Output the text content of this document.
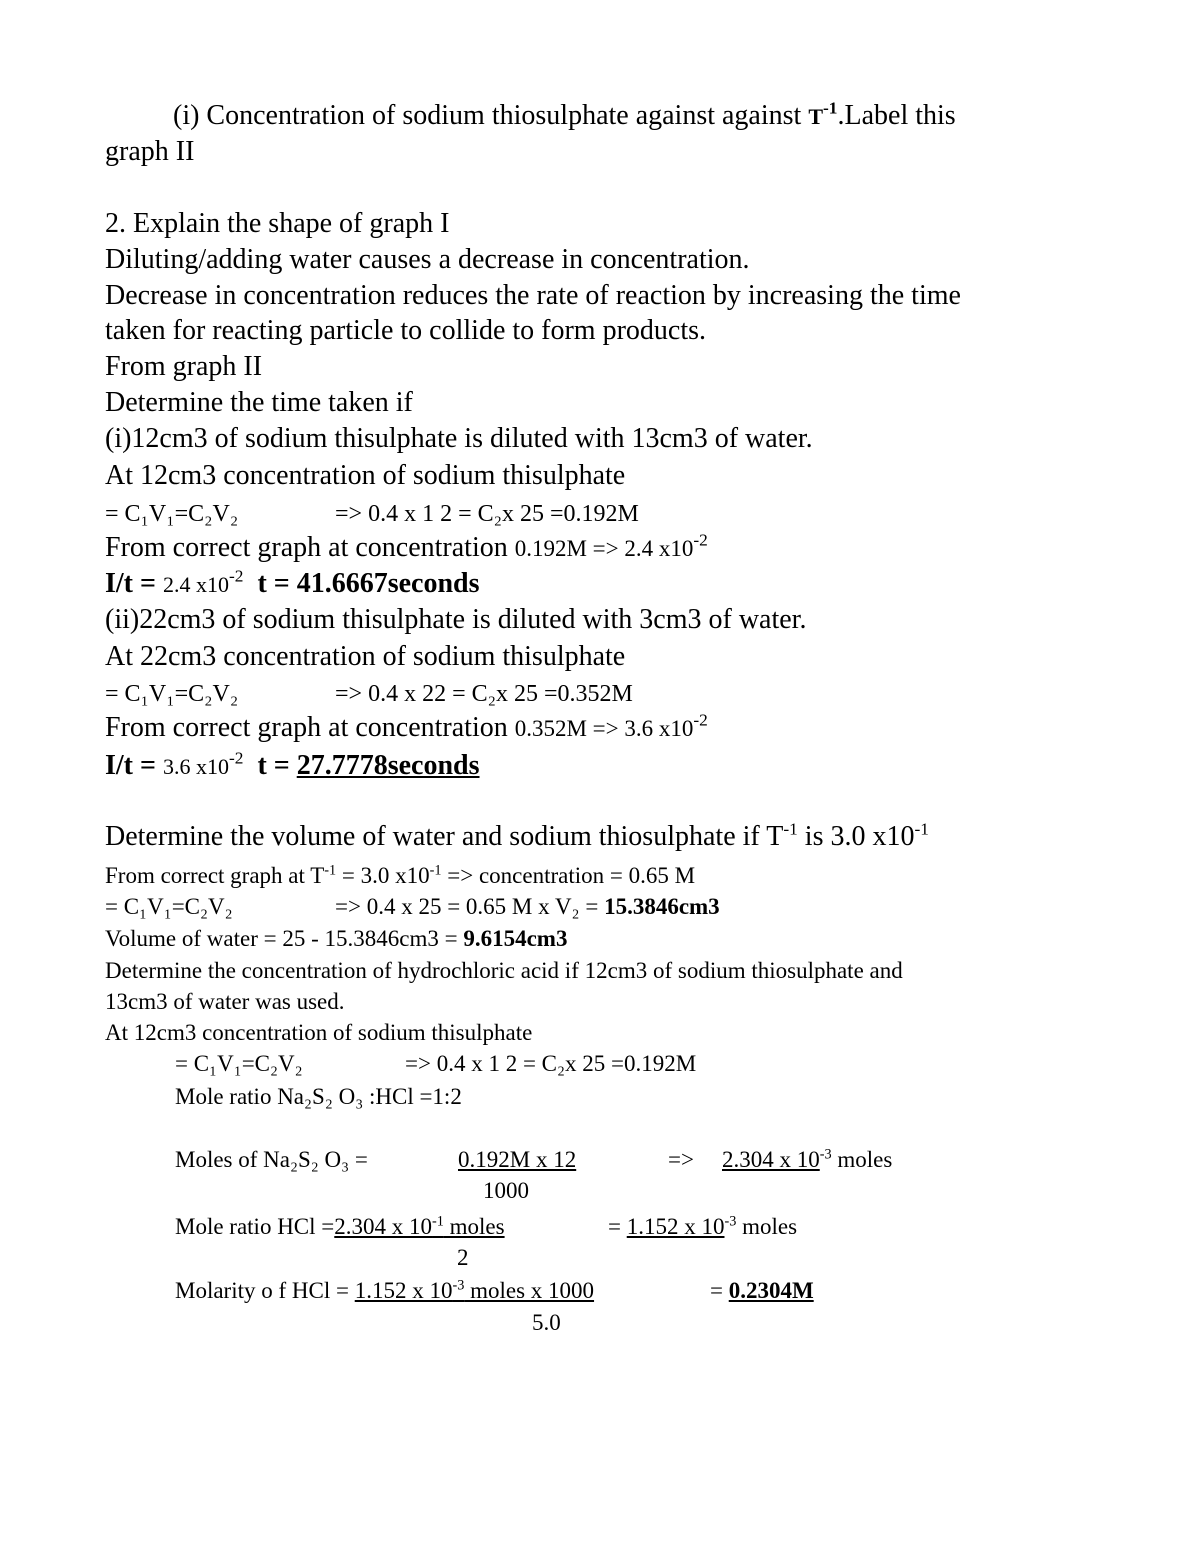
(i) Concentration of sodium thiosulphate against against $T^{-1}.Label$ this
graph II
2. Explain the shape of graph I
Diluting/adding water causes a decrease in concentration.
Decrease in concentration reduces the rate of reaction by increasing the time
taken for reacting particle to collide to form products.
From graph II
Determine the time taken if
(i)12cm3 of sodium thisulphate is diluted with 13cm3 of water.
At 12cm3 concentration of sodium thisulphate
= C₁V₁=C₂V₂	=> 0.4 x 1 2 = C₂x 25 =0.192M
From correct graph at concentration 0.192M => 2.4 $x10^{-2}$
I/t = 2.4 $x10^{-2}$ t = 41.6667seconds
(ii)22cm3 of sodium thisulphate is diluted with 3cm3 of water.
At 22cm3 concentration of sodium thisulphate
= C₁V₁=C₂V₂	=> 0.4 x 22 = C₂x 25 =0.352M
From correct graph at concentration 0.352M => 3.6 $x10^{-2}$
I/t = 3.6 $x10^{-2}$ t = 27.7778seconds
Determine the volume of water and sodium thiosulphate if $T^{-1}$ is 3.0 $x10^{-1}$
From correct graph at $T^{-1} = 3.0$ $x10^{-1}$ => concentration = 0.65 M
= C₁V₁=C₂V₂	=> 0.4 x 25 = 0.65 M x V₂ = 15.3846cm3
Volume of water = 25 - 15.3846cm3 = 9.6154cm3
Determine the concentration of hydrochloric acid if 12cm3 of sodium thiosulphate and
13cm3 of water was used.
At 12cm3 concentration of sodium thisulphate
= C₁V₁=C₂V₂	=> 0.4 x 1 2 = C₂x 25 =0.192M
Mole ratio Na₂S₂ O₃ :HCl =1:2
Moles of Na₂S₂ O₃ =	0.192M x 12
1000
=> 2.304 x $10^{-3}$ moles
Mole ratio HCl =2.304 x $10^{-1}$ moles
2
= 1.152 x $10^{-3}$ moles
Molarity o f HCl = 1.152 x $10^{-3}$ moles x 1000
5.0
= 0.2304M
